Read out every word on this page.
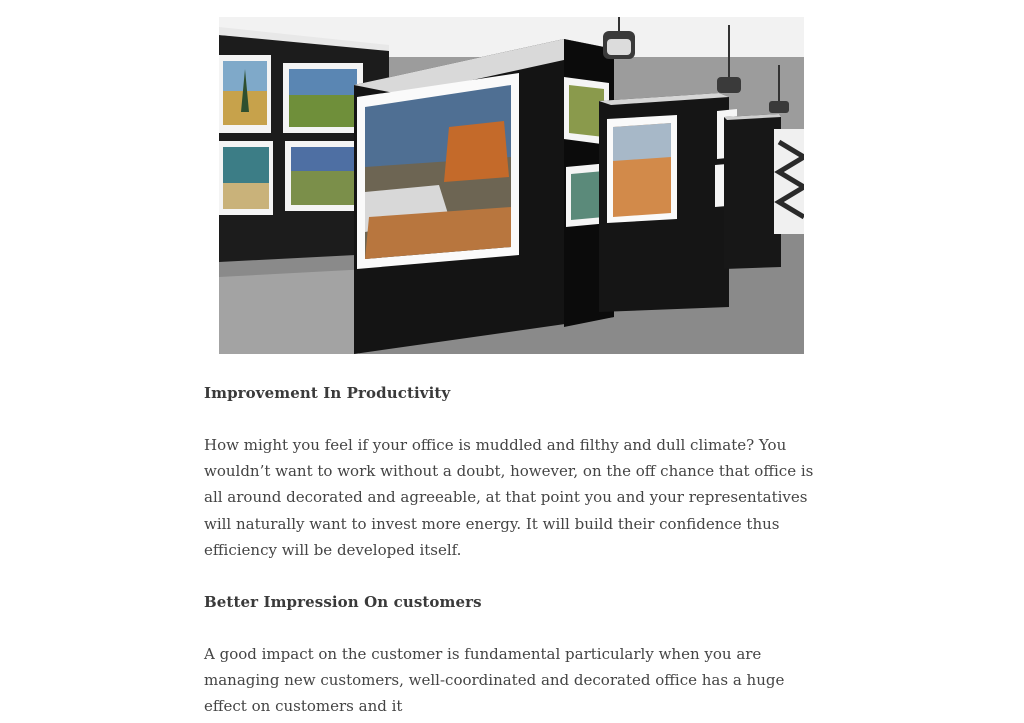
Improvement In Productivity

How might you feel if your office is muddled and filthy and dull climate? You wouldn’t want to work without a doubt, however, on the off chance that office is all around decorated and agreeable, at that point you and your representatives will naturally want to invest more energy. It will build their confidence thus efficiency will be developed itself.

Better Impression On customers

A good impact on the customer is fundamental particularly when you are managing new customers, well-coordinated and decorated office has a huge effect on customers and it
